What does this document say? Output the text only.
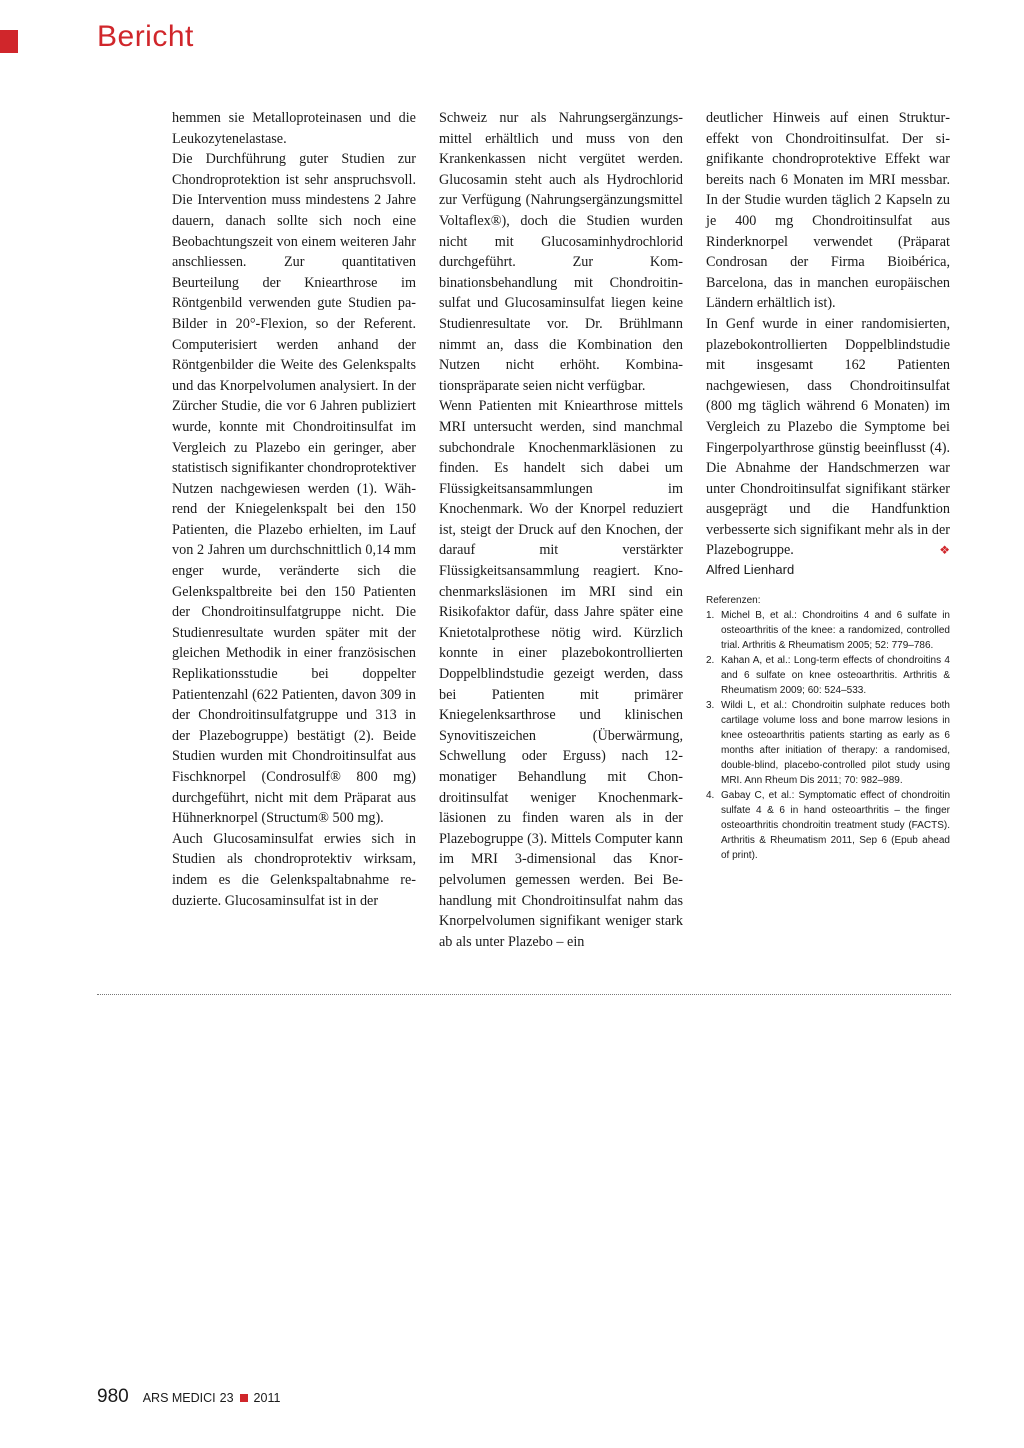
Bericht

hemmen sie Metalloproteinasen und die Leukozytenelastase.

Die Durchführung guter Studien zur Chondroprotektion ist sehr anspruchsvoll. Die Intervention muss mindestens 2 Jahre dauern, danach sollte sich noch eine Beobachtungszeit von einem weiteren Jahr anschliessen. Zur quantitativen Beurteilung der Kniearthrose im Röntgenbild verwenden gute Studien pa-Bilder in 20°-Flexion, so der Referent. Computerisiert werden anhand der Röntgenbilder die Weite des Gelenkspalts und das Knorpelvolumen analysiert. In der Zürcher Studie, die vor 6 Jahren publiziert wurde, konnte mit Chondroitinsulfat im Vergleich zu Plazebo ein geringer, aber statistisch signifikanter chondroprotektiver Nutzen nachgewiesen werden (1). Während der Kniegelenkspalt bei den 150 Patienten, die Plazebo erhielten, im Lauf von 2 Jahren um durchschnittlich 0,14 mm enger wurde, veränderte sich die Gelenkspaltbreite bei den 150 Patienten der Chondroitinsulfatgruppe nicht. Die Studienresultate wurden später mit der gleichen Methodik in einer französischen Replikationsstudie bei doppelter Patientenzahl (622 Patienten, davon 309 in der Chondroitinsulfatgruppe und 313 in der Plazebogruppe) bestätigt (2). Beide Studien wurden mit Chondroitinsulfat aus Fischknorpel (Condrosulf® 800 mg) durchgeführt, nicht mit dem Präparat aus Hühnerknorpel (Structum® 500 mg).

Auch Glucosaminsulfat erwies sich in Studien als chondroprotektiv wirksam, indem es die Gelenkspaltabnahme reduzierte. Glucosaminsulfat ist in der

Schweiz nur als Nahrungsergänzungsmittel erhältlich und muss von den Krankenkassen nicht vergütet werden. Glucosamin steht auch als Hydrochlorid zur Verfügung (Nahrungsergänzungsmittel Voltaflex®), doch die Studien wurden nicht mit Glucosaminhydrochlorid durchgeführt. Zur Kombinationsbehandlung mit Chondroitinsulfat und Glucosaminsulfat liegen keine Studienresultate vor. Dr. Brühlmann nimmt an, dass die Kombination den Nutzen nicht erhöht. Kombinationspräparate seien nicht verfügbar.

Wenn Patienten mit Kniearthrose mittels MRI untersucht werden, sind manchmal subchondrale Knochenmarkläsionen zu finden. Es handelt sich dabei um Flüssigkeitsansammlungen im Knochenmark. Wo der Knorpel reduziert ist, steigt der Druck auf den Knochen, der darauf mit verstärkter Flüssigkeitsansammlung reagiert. Knochenmarksläsionen im MRI sind ein Risikofaktor dafür, dass Jahre später eine Knietotalprothese nötig wird. Kürzlich konnte in einer plazebokontrollierten Doppelblindstudie gezeigt werden, dass bei Patienten mit primärer Kniegelenksarthrose und klinischen Synovitiszeichen (Überwärmung, Schwellung oder Erguss) nach 12-monatiger Behandlung mit Chondroitinsulfat weniger Knochenmarkläsionen zu finden waren als in der Plazebogruppe (3). Mittels Computer kann im MRI 3-dimensional das Knorpelvolumen gemessen werden. Bei Behandlung mit Chondroitinsulfat nahm das Knorpelvolumen signifikant weniger stark ab als unter Plazebo – ein

deutlicher Hinweis auf einen Struktureffekt von Chondroitinsulfat. Der signifikante chondroprotektive Effekt war bereits nach 6 Monaten im MRI messbar. In der Studie wurden täglich 2 Kapseln zu je 400 mg Chondroitinsulfat aus Rinderknorpel verwendet (Präparat Condrosan der Firma Bioibérica, Barcelona, das in manchen europäischen Ländern erhältlich ist).

In Genf wurde in einer randomisierten, plazebokontrollierten Doppelblindstudie mit insgesamt 162 Patienten nachgewiesen, dass Chondroitinsulfat (800 mg täglich während 6 Monaten) im Vergleich zu Plazebo die Symptome bei Fingerpolyarthrose günstig beeinflusst (4). Die Abnahme der Handschmerzen war unter Chondroitinsulfat signifikant stärker ausgeprägt und die Handfunktion verbesserte sich signifikant mehr als in der Plazebogruppe.	❖

Alfred Lienhard

Referenzen:

1. Michel B, et al.: Chondroitins 4 and 6 sulfate in osteoarthritis of the knee: a randomized, controlled trial. Arthritis & Rheumatism 2005; 52: 779–786.
2. Kahan A, et al.: Long-term effects of chondroitins 4 and 6 sulfate on knee osteoarthritis. Arthritis & Rheumatism 2009; 60: 524–533.
3. Wildi L, et al.: Chondroitin sulphate reduces both cartilage volume loss and bone marrow lesions in knee osteoarthritis patients starting as early as 6 months after initiation of therapy: a randomised, double-blind, placebo-controlled pilot study using MRI. Ann Rheum Dis 2011; 70: 982–989.
4. Gabay C, et al.: Symptomatic effect of chondroitin sulfate 4 & 6 in hand osteoarthritis – the finger osteoarthritis chondroitin treatment study (FACTS). Arthritis & Rheumatism 2011, Sep 6 (Epub ahead of print).
980 ARS MEDICI 23 2011
